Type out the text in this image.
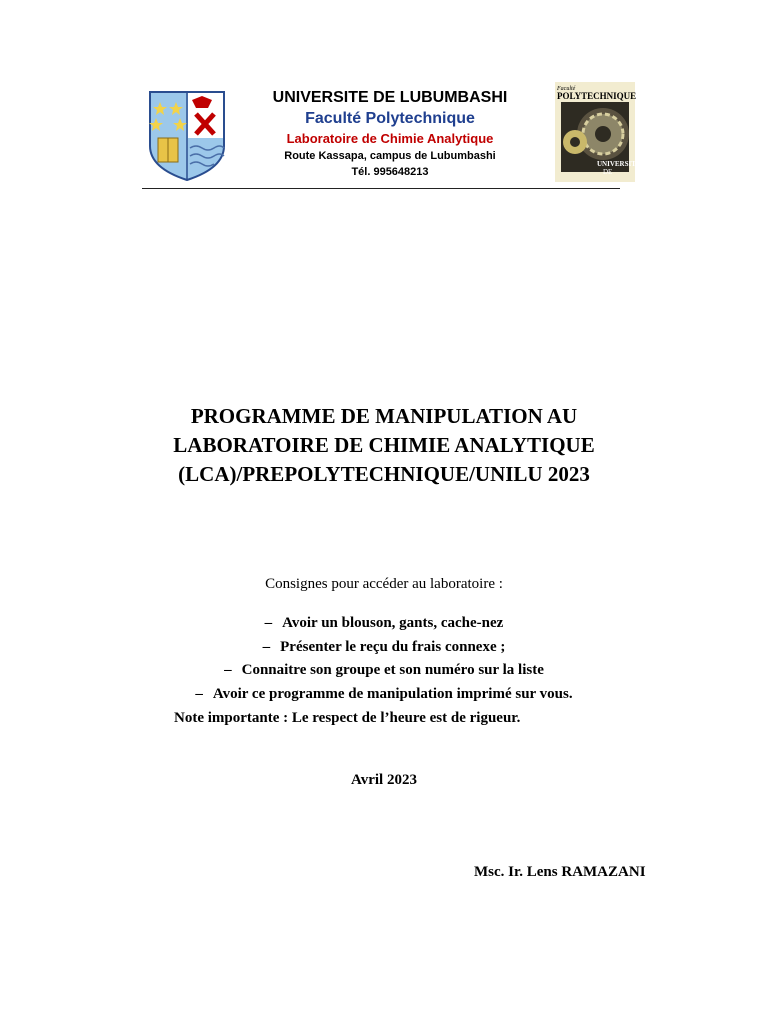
UNIVERSITE DE LUBUMBASHI
Faculté Polytechnique
Laboratoire de Chimie Analytique
Route Kassapa, campus de Lubumbashi
Tél. 995648213
Faculté
POLYTECHNIQUE
UNIVERSITE
DE
PROGRAMME DE MANIPULATION AU
LABORATOIRE DE CHIMIE ANALYTIQUE
(LCA)/PREPOLYTECHNIQUE/UNILU 2023
Consignes pour accéder au laboratoire :
– Avoir un blouson, gants, cache-nez
– Présenter le reçu du frais connexe ;
– Connaitre son groupe et son numéro sur la liste
– Avoir ce programme de manipulation imprimé sur vous.
Note importante : Le respect de l’heure est de rigueur.
Avril 2023
Msc. Ir. Lens RAMAZANI
